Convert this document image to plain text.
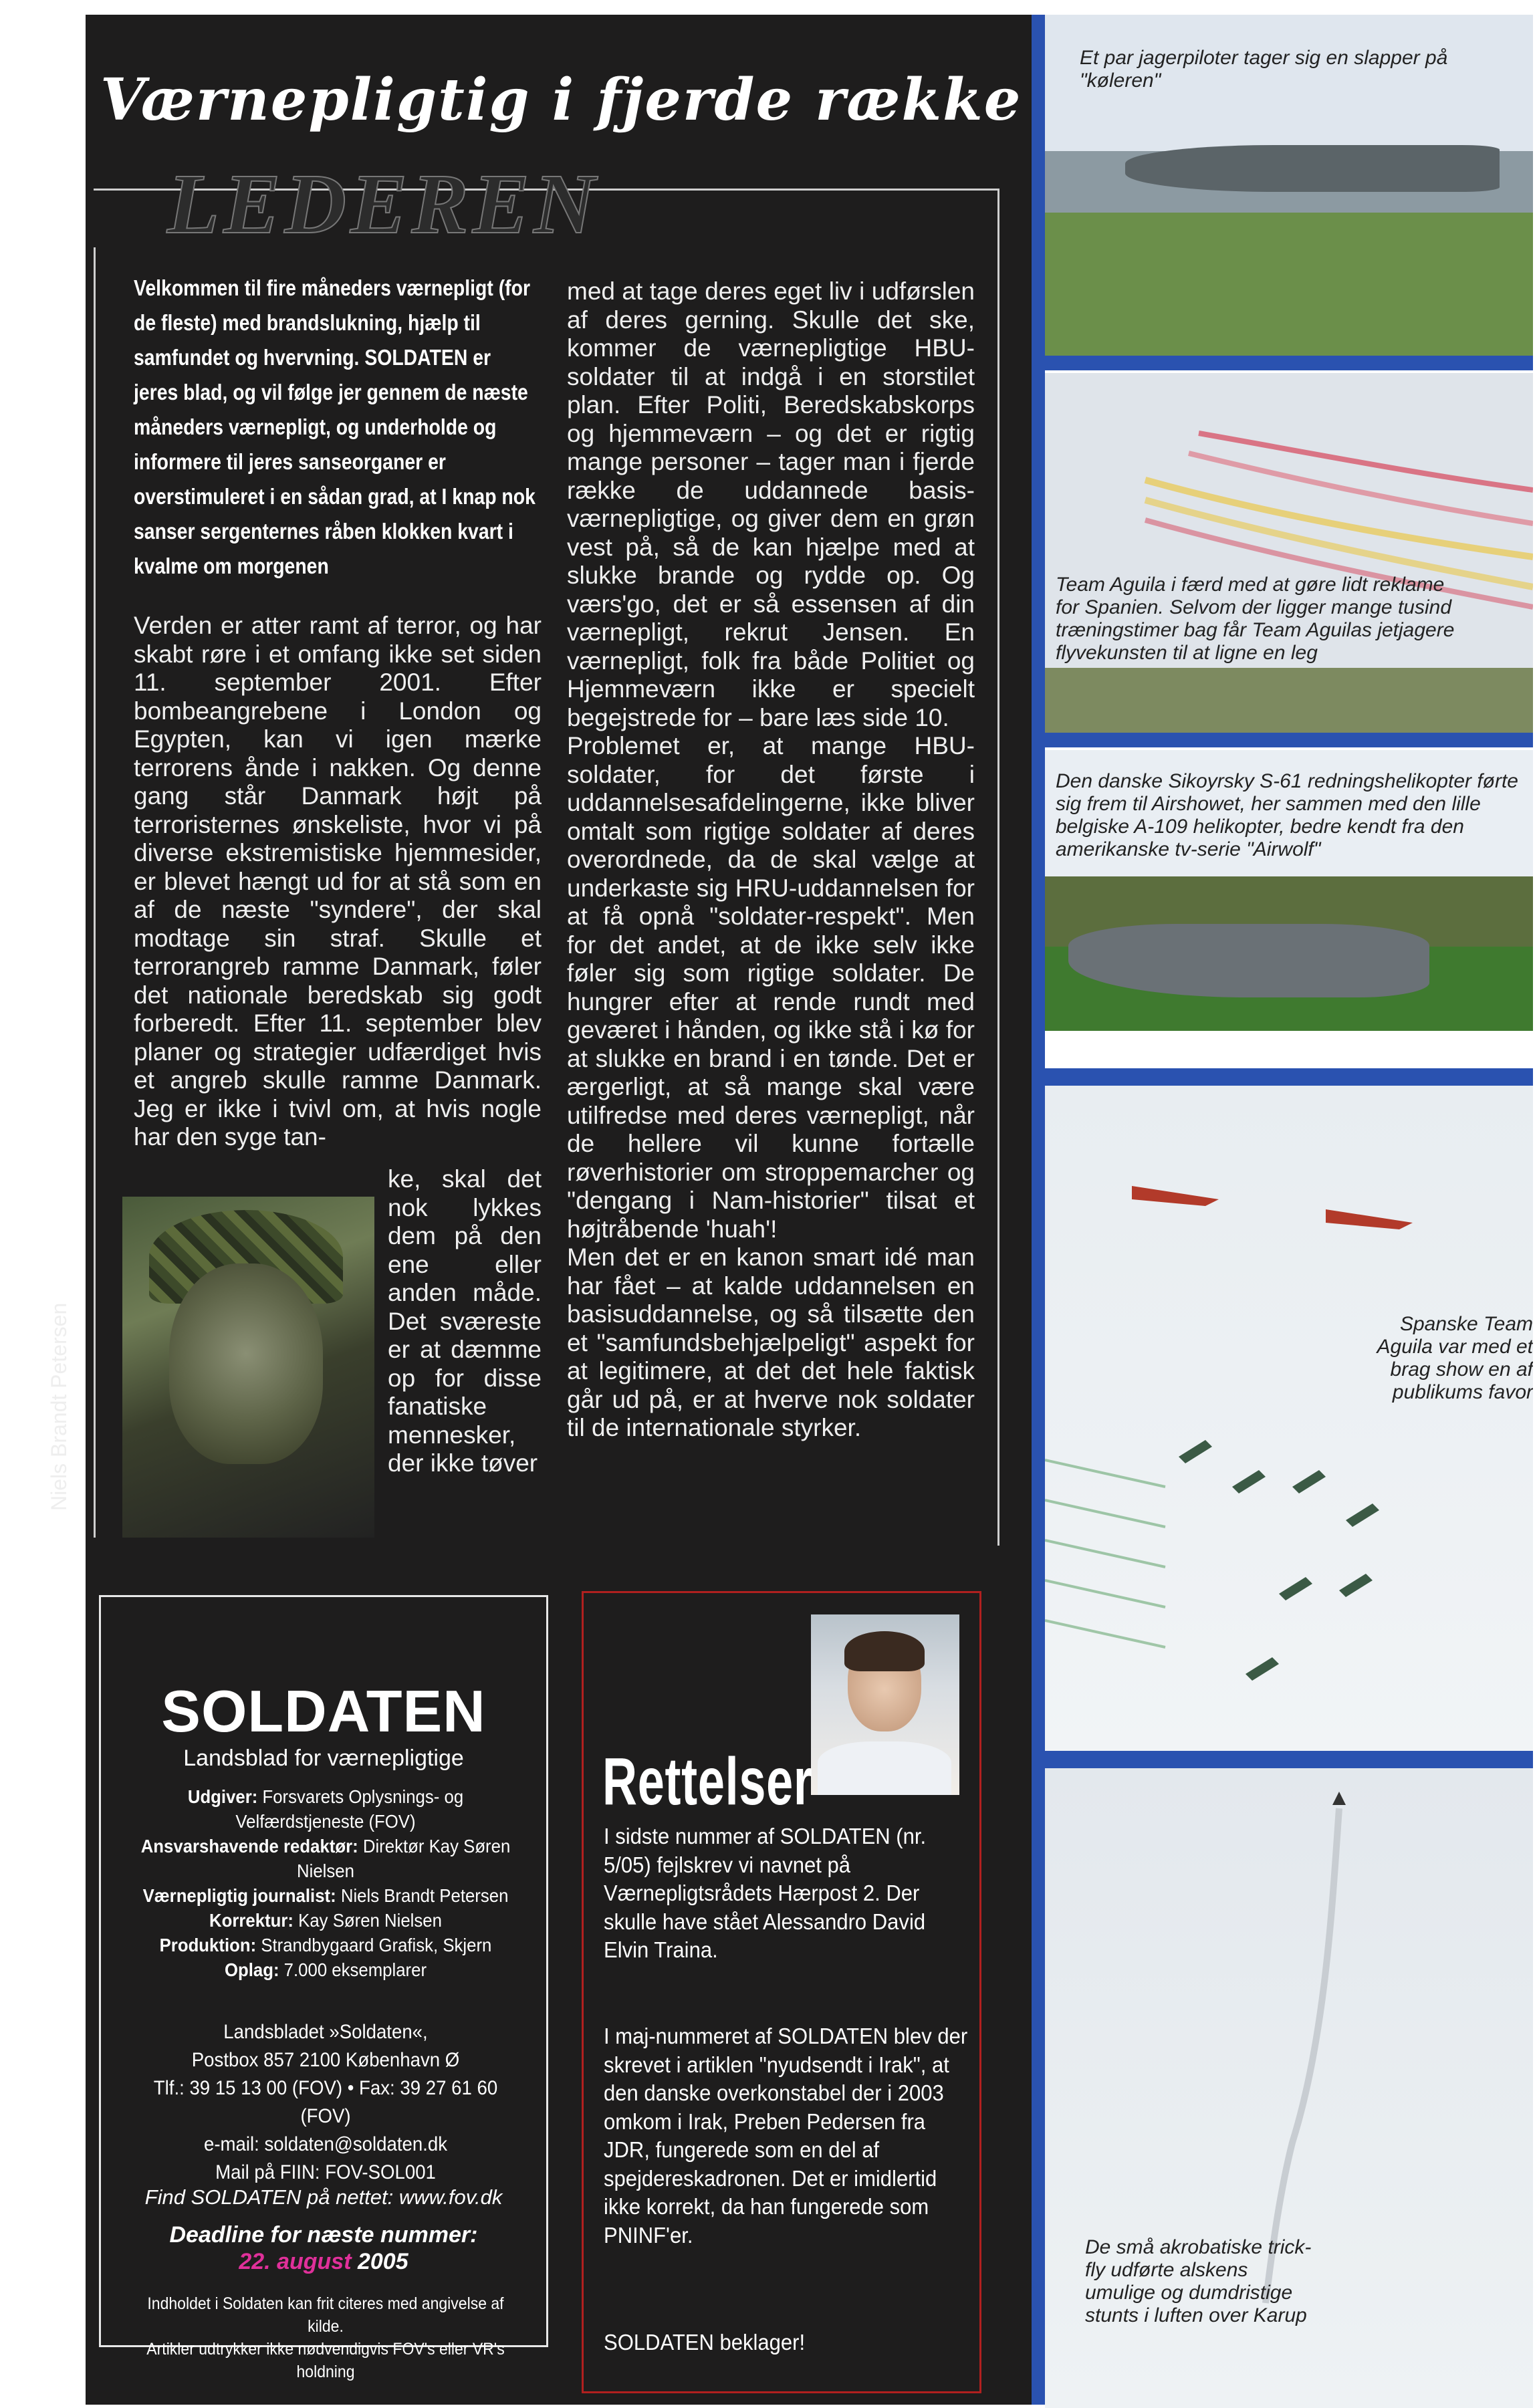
Værnepligtig i fjerde række
LEDEREN
Velkommen til fire måneders værnepligt (for de fleste) med brandslukning, hjælp til samfundet og hvervning. SOLDATEN er jeres blad, og vil følge jer gennem de næste måneders værnepligt, og underholde og informere til jeres sanseorganer er overstimuleret i en sådan grad, at I knap nok sanser sergenternes råben klokken kvart i kvalme om morgenen
Verden er atter ramt af terror, og har skabt røre i et omfang ikke set siden 11. september 2001. Efter bombeangrebene i London og Egypten, kan vi igen mærke terrorens ånde i nakken. Og denne gang står Danmark højt på terroristernes ønskeliste, hvor vi på diverse ekstremistiske hjemmesider, er blevet hængt ud for at stå som en af de næste "synderе", der skal modtage sin straf. Skulle et terrorangreb ramme Danmark, føler det nationale beredskab sig godt forberedt. Efter 11. september blev planer og strategier udfærdiget hvis et angreb skulle ramme Danmark. Jeg er ikke i tvivl om, at hvis nogle har den syge tan-
ke, skal det nok lykkes dem på den ene eller anden måde. Det sværeste er at dæmme op for disse fanatiske mennesker, der ikke tøver
med at tage deres eget liv i udførslen af deres gerning. Skulle det ske, kommer de værnepligtige HBU-soldater til at indgå i en storstilet plan. Efter Politi, Beredskabskorps og hjemmeværn – og det er rigtig mange personer – tager man i fjerde række de uddannede basis-værnepligtige, og giver dem en grøn vest på, så de kan hjælpe med at slukke brande og rydde op. Og værs'go, det er så essensen af din værnepligt, rekrut Jensen. En værnepligt, folk fra både Politiet og Hjemmeværn ikke er specielt begejstrede for – bare læs side 10.
Problemet er, at mange HBU-soldater, for det første i uddannelsesafdelingerne, ikke bliver omtalt som rigtige soldater af deres overordnede, da de skal vælge at underkaste sig HRU-uddannelsen for at få opnå "soldater-respekt". Men for det andet, at de ikke selv ikke føler sig som rigtige soldater. De hungrer efter at rende rundt med geværet i hånden, og ikke stå i kø for at slukke en brand i en tønde. Det er ærgerligt, at så mange skal være utilfredse med deres værnepligt, når de hellere vil kunne fortælle røverhistorier om stroppemarcher og "dengang i Nam-historier" tilsat et højtråbende 'huah'!
Men det er en kanon smart idé man har fået – at kalde uddannelsen en basisuddannelse, og så tilsætte den et "samfundsbehjælpeligt" aspekt for at legitimere, at det det hele faktisk går ud på, er at hverve nok soldater til de internationale styrker.
Niels Brandt Petersen
SOLDATEN
Landsblad for værnepligtige
Udgiver: Forsvarets Oplysnings- og Velfærdstjeneste (FOV)
Ansvarshavende redaktør: Direktør Kay Søren Nielsen
Værnepligtig journalist: Niels Brandt Petersen
Korrektur: Kay Søren Nielsen
Produktion: Strandbygaard Grafisk, Skjern
Oplag: 7.000 eksemplarer
Landsbladet »Soldaten«,
Postbox 857 2100 København Ø
Tlf.: 39 15 13 00 (FOV) • Fax: 39 27 61 60 (FOV)
e-mail: soldaten@soldaten.dk
Mail på FIIN: FOV-SOL001
Find SOLDATEN på nettet: www.fov.dk
Deadline for næste nummer:
22. august 2005
Indholdet i Soldaten kan frit citeres med angivelse af kilde.
Artikler udtrykker ikke nødvendigvis FOV's eller VR's holdning
Rettelser
I sidste nummer af SOLDATEN (nr. 5/05) fejlskrev vi navnet på Værnepligtsrådets Hærpost 2. Der skulle have stået Alessandro David Elvin Traina.
I maj-nummeret af SOLDATEN blev der skrevet i artiklen "nyudsendt i Irak", at den danske overkonstabel der i 2003 omkom i Irak, Preben Pedersen fra JDR, fungerede som en del af spejdereskadronen. Det er imidlertid ikke korrekt, da han fungerede som PNINF'er.
SOLDATEN beklager!
Et par jagerpiloter tager sig en slapper på "køleren"
Team Aguila i færd med at gøre lidt reklame for Spanien. Selvom der ligger mange tusind træningstimer bag får Team Aguilas jetjagere flyvekunsten til at ligne en leg
Den danske Sikoyrsky S-61 redningshelikopter førte sig frem til Airshowet, her sammen med den lille belgiske A-109 helikopter, bedre kendt fra den amerikanske tv-serie "Airwolf"
Spanske Team Aguila var med et brag show en af publikums favor
De små akrobatiske trick-fly udførte alskens umulige og dumdristige stunts i luften over Karup
